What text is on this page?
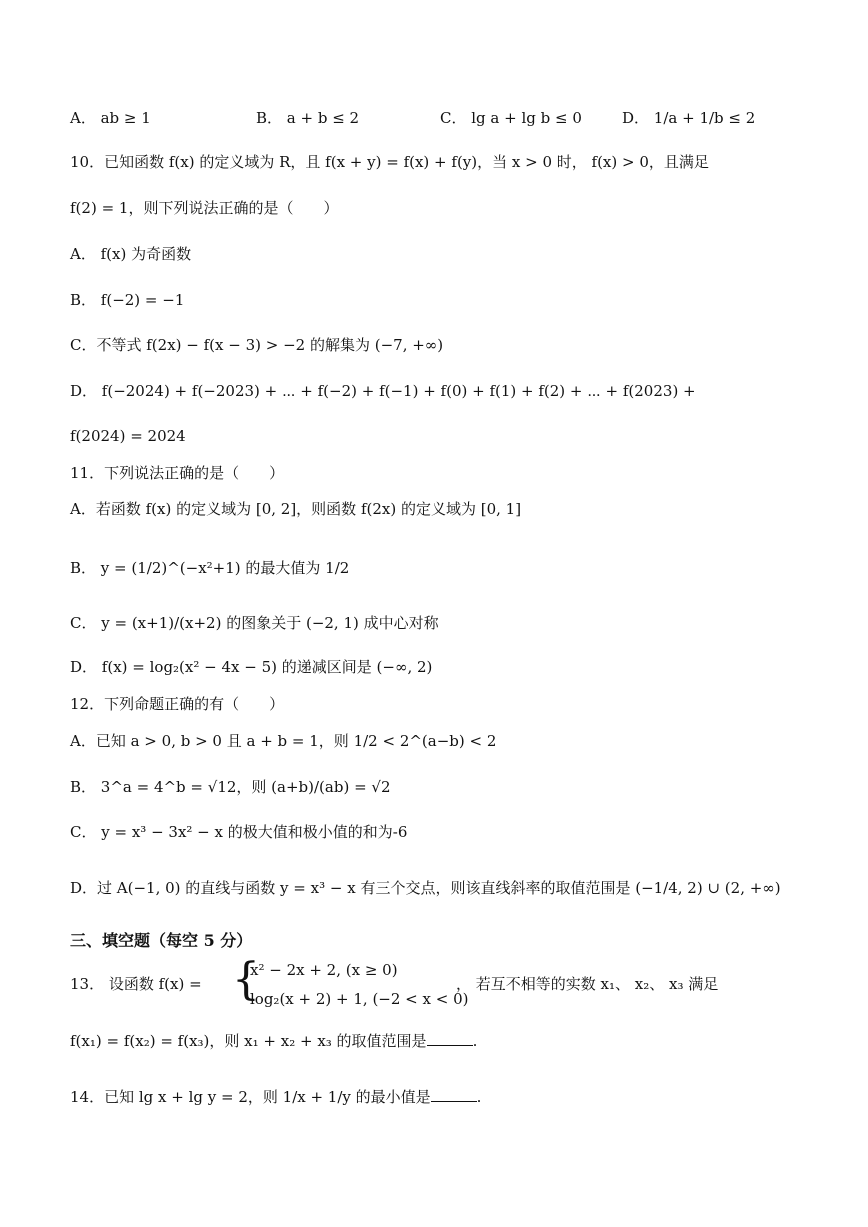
A． ab ≥ 1	B． a + b ≤ 2	C． lg a + lg b ≤ 0	D． 1/a + 1/b ≤ 2
10．已知函数 f(x) 的定义域为 R，且 f(x + y) = f(x) + f(y)，当 x > 0 时， f(x) > 0，且满足
f(2) = 1，则下列说法正确的是（　　）
A． f(x) 为奇函数
B． f(−2) = −1
C．不等式 f(2x) − f(x − 3) > −2 的解集为 (−7, +∞)
D． f(−2024) + f(−2023) + ⋯ + f(−2) + f(−1) + f(0) + f(1) + f(2) + ⋯ + f(2023) +
f(2024) = 2024
11．下列说法正确的是（　　）
A．若函数 f(x) 的定义域为 [0, 2]，则函数 f(2x) 的定义域为 [0, 1]
B． y = (1/2)^(−x²+1) 的最大值为 1/2
C． y = (x+1)/(x+2) 的图象关于 (−2, 1) 成中心对称
D． f(x) = log₂(x² − 4x − 5) 的递减区间是 (−∞, 2)
12．下列命题正确的有（　　）
A．已知 a > 0, b > 0 且 a + b = 1，则 1/2 < 2^(a−b) < 2
B． 3^a = 4^b = √12，则 (a+b)/(ab) = √2
C． y = x³ − 3x² − x 的极大值和极小值的和为-6
D．过 A(−1, 0) 的直线与函数 y = x³ − x 有三个交点，则该直线斜率的取值范围是 (−1/4, 2) ∪ (2, +∞)
三、填空题（每空 5 分）
13． 设函数 f(x) = {
x² − 2x + 2, (x ≥ 0)
log₂(x + 2) + 1, (−2 < x < 0)
， 若互不相等的实数 x₁、 x₂、 x₃ 满足
f(x₁) = f(x₂) = f(x₃)，则 x₁ + x₂ + x₃ 的取值范围是	.
14．已知 lg x + lg y = 2，则 1/x + 1/y 的最小值是	.
